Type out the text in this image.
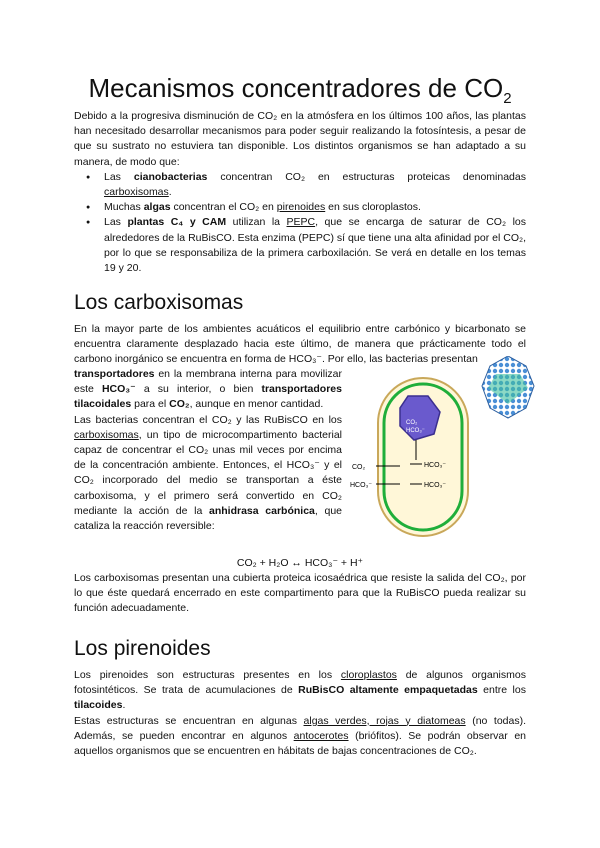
Mecanismos concentradores de $CO_2$

Debido a la progresiva disminución de CO₂ en la atmósfera en los últimos 100 años, las plantas han necesitado desarrollar mecanismos para poder seguir realizando la fotosíntesis, a pesar de que su sustrato no estuviera tan disponible. Los distintos organismos se han adaptado a su manera, de modo que:

● Las cianobacterias concentran CO₂ en estructuras proteicas denominadas carboxisomas.
● Muchas algas concentran el CO₂ en pirenoides en sus cloroplastos.
● Las plantas C₄ y CAM utilizan la PEPC, que se encarga de saturar de CO₂ los alrededores de la RuBisCO. Esta enzima (PEPC) sí que tiene una alta afinidad por el CO₂, por lo que se responsabiliza de la primera carboxilación. Se verá en detalle en los temas 19 y 20.
Los carboxisomas

En la mayor parte de los ambientes acuáticos el equilibrio entre carbónico y bicarbonato se encuentra claramente desplazado hacia este último, de manera que prácticamente todo el carbono inorgánico se encuentra en forma de HCO₃⁻. Por ello, las bacterias presentan

transportadores en la membrana interna para movilizar este HCO₃⁻ a su interior, o bien transportadores tilacoidales para el CO₂, aunque en menor cantidad.

Las bacterias concentran el CO₂ y las RuBisCO en los carboxisomas, un tipo de microcompartimento bacterial capaz de concentrar el CO₂ unas mil veces por encima de la concentración ambiente. Entonces, el HCO₃⁻ y el CO₂ incorporado del medio se transportan a éste carboxisoma, y el primero será convertido en CO₂ mediante la acción de la anhidrasa carbónica, que cataliza la reacción reversible:

CO₂ + H₂O ↔ HCO₃⁻ + H⁺

Los carboxisomas presentan una cubierta proteica icosaédrica que resiste la salida del CO₂, por lo que éste quedará encerrado en este compartimento para que la RuBisCO pueda realizar su función adecuadamente.

Los pirenoides

Los pirenoides son estructuras presentes en los cloroplastos de algunos organismos fotosintéticos. Se trata de acumulaciones de RuBisCO altamente empaquetadas entre los tilacoides.

Estas estructuras se encuentran en algunas algas verdes, rojas y diatomeas (no todas). Además, se pueden encontrar en algunos antocerotes (briófitos). Se podrán observar en aquellos organismos que se encuentren en hábitats de bajas concentraciones de CO₂.

CO₂
HCO₃⁻
HCO₃⁻
HCO₃⁻
CO₂
HCO₃⁻
